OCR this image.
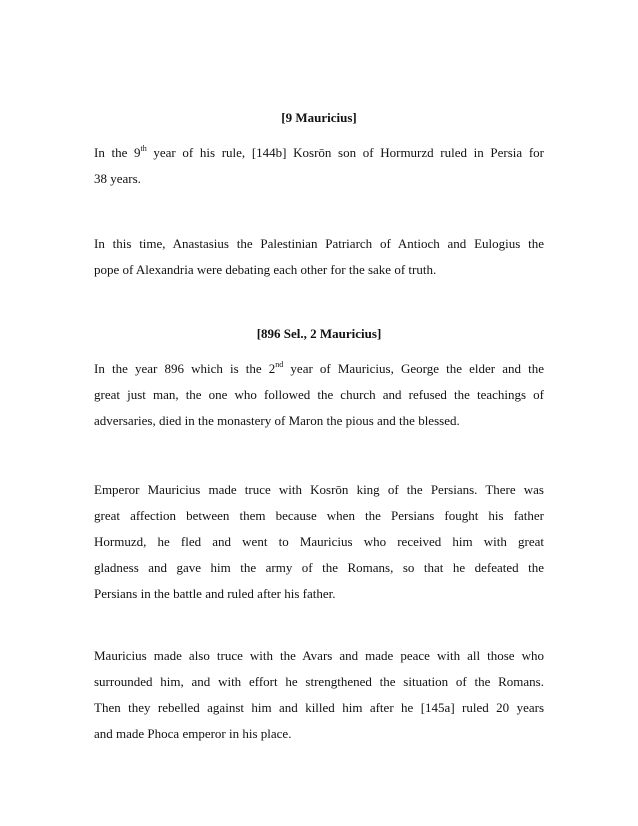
[9 Mauricius]
In the 9th year of his rule, [144b] Kosrōn son of Hormurzd ruled in Persia for
38 years.
In this time, Anastasius the Palestinian Patriarch of Antioch and Eulogius the
pope of Alexandria were debating each other for the sake of truth.
[896 Sel., 2 Mauricius]
In the year 896 which is the 2nd year of Mauricius, George the elder and the
great just man, the one who followed the church and refused the teachings of
adversaries, died in the monastery of Maron the pious and the blessed.
Emperor Mauricius made truce with Kosrōn king of the Persians. There was
great affection between them because when the Persians fought his father
Hormuzd, he fled and went to Mauricius who received him with great
gladness and gave him the army of the Romans, so that he defeated the
Persians in the battle and ruled after his father.
Mauricius made also truce with the Avars and made peace with all those who
surrounded him, and with effort he strengthened the situation of the Romans.
Then they rebelled against him and killed him after he [145a] ruled 20 years
and made Phoca emperor in his place.
